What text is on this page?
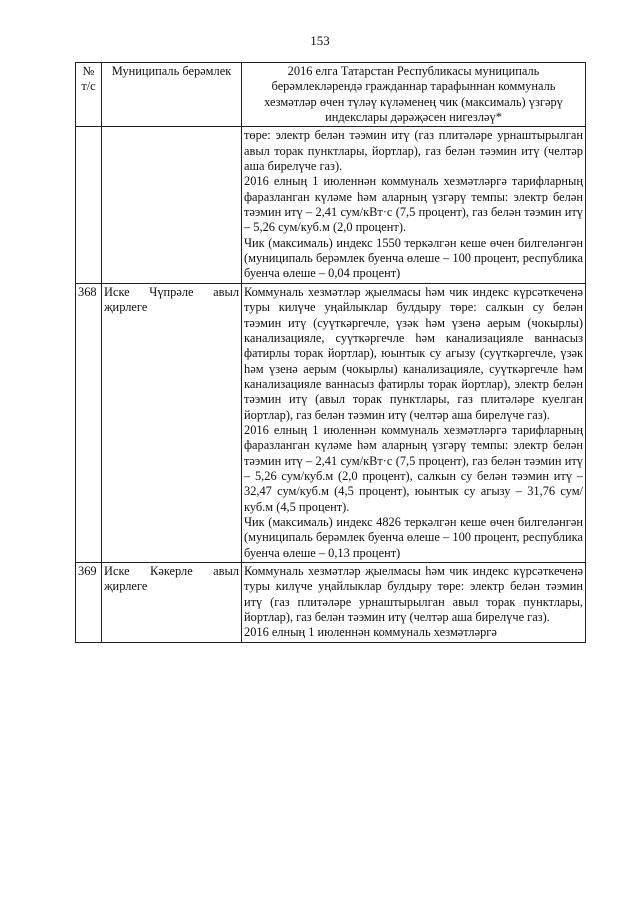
153
№ т/с	Муниципаль берәмлек	2016 елга Татарстан Республикасы муниципаль берәмлекләрендә гражданнар тарафыннан коммуналь хезмәтләр өчен түләү күләменең чик (максималь) үзгәрү индекслары дәрәҗәсен нигезләү*

		төре: электр белән тәэмин итү (газ плитәләре урнаштырылган авыл торак пунктлары, йортлар), газ белән тәэмин итү (челтәр аша бирелүче газ).
2016 елның 1 июленнән коммуналь хезмәтләргә тарифларның фаразланган күләме һәм аларның үзгәрү темпы: электр белән тәэмин итү – 2,41 сум/кВт·с (7,5 процент), газ белән тәэмин итү – 5,26 сум/куб.м (2,0 процент).
Чик (максималь) индекс 1550 теркәлгән кеше өчен билгеләнгән (муниципаль берәмлек буенча өлеше – 100 процент, республика буенча өлеше – 0,04 процент)

368	Иске Чүпрәле авыл җирлеге	Коммуналь хезмәтләр җыелмасы һәм чик индекс күрсәткеченә туры килүче уңайлыклар булдыру төре: салкын су белән тәэмин итү (суүткәргечле, үзәк һәм үзенә аерым (чокырлы) канализацияле, суүткәргечле һәм канализацияле ваннасыз фатирлы торак йортлар), юынтык су агызу (суүткәргечле, үзәк һәм үзенә аерым (чокырлы) канализацияле, суүткәргечле һәм канализацияле ваннасыз фатирлы торак йортлар), электр белән тәэмин итү (авыл торак пунктлары, газ плитәләре куелган йортлар), газ белән тәэмин итү (челтәр аша бирелүче газ).
2016 елның 1 июленнән коммуналь хезмәтләргә тарифларның фаразланган күләме һәм аларның үзгәрү темпы: электр белән тәэмин итү – 2,41 сум/кВт·с (7,5 процент), газ белән тәэмин итү – 5,26 сум/куб.м (2,0 процент), салкын су белән тәэмин итү – 32,47 сум/куб.м (4,5 процент), юынтык су агызу – 31,76 сум/куб.м (4,5 процент).
Чик (максималь) индекс 4826 теркәлгән кеше өчен билгеләнгән (муниципаль берәмлек буенча өлеше – 100 процент, республика буенча өлеше – 0,13 процент)

369	Иске Кәкерле авыл җирлеге	Коммуналь хезмәтләр җыелмасы һәм чик индекс күрсәткеченә туры килүче уңайлыклар булдыру төре: электр белән тәэмин итү (газ плитәләре урнаштырылган авыл торак пунктлары, йортлар), газ белән тәэмин итү (челтәр аша бирелүче газ).
2016 елның 1 июленнән коммуналь хезмәтләргә
